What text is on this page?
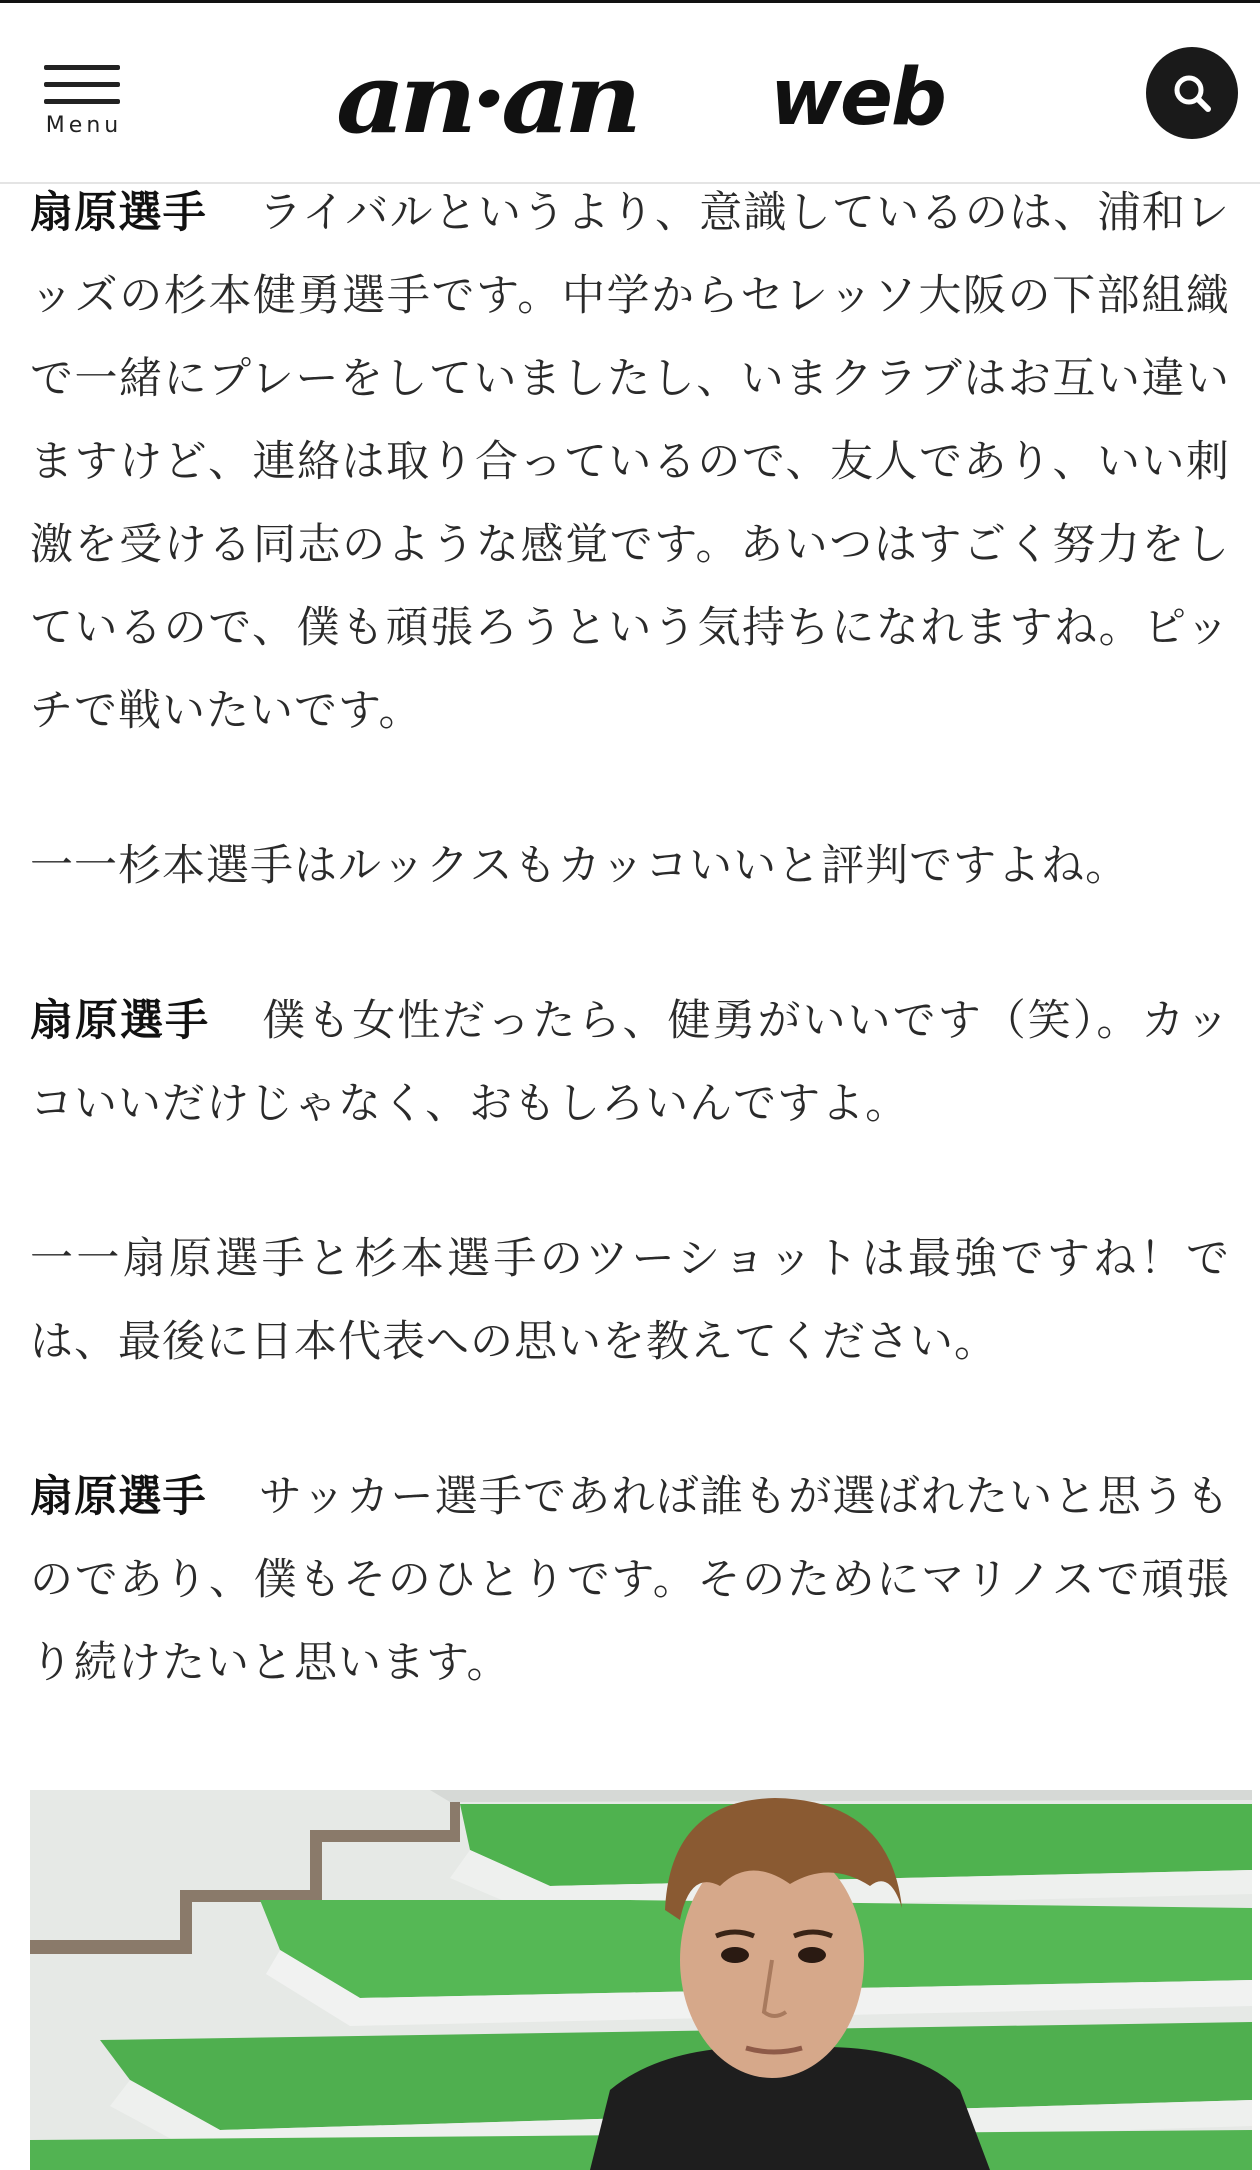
Menu an·an web

扇原選手 ライバルというより、意識しているのは、浦和レッズの杉本健勇選手です。中学からセレッソ大阪の下部組織で一緒にプレーをしていましたし、いまクラブはお互い違いますけど、連絡は取り合っているので、友人であり、いい刺激を受ける同志のような感覚です。あいつはすごく努力をしているので、僕も頑張ろうという気持ちになれますね。ピッチで戦いたいです。

一一杉本選手はルックスもカッコいいと評判ですよね。

扇原選手 僕も女性だったら、健勇がいいです（笑）。カッコいいだけじゃなく、おもしろいんですよ。

一一扇原選手と杉本選手のツーショットは最強ですね！では、最後に日本代表への思いを教えてください。

扇原選手 サッカー選手であれば誰もが選ばれたいと思うものであり、僕もそのひとりです。そのためにマリノスで頑張り続けたいと思います。
